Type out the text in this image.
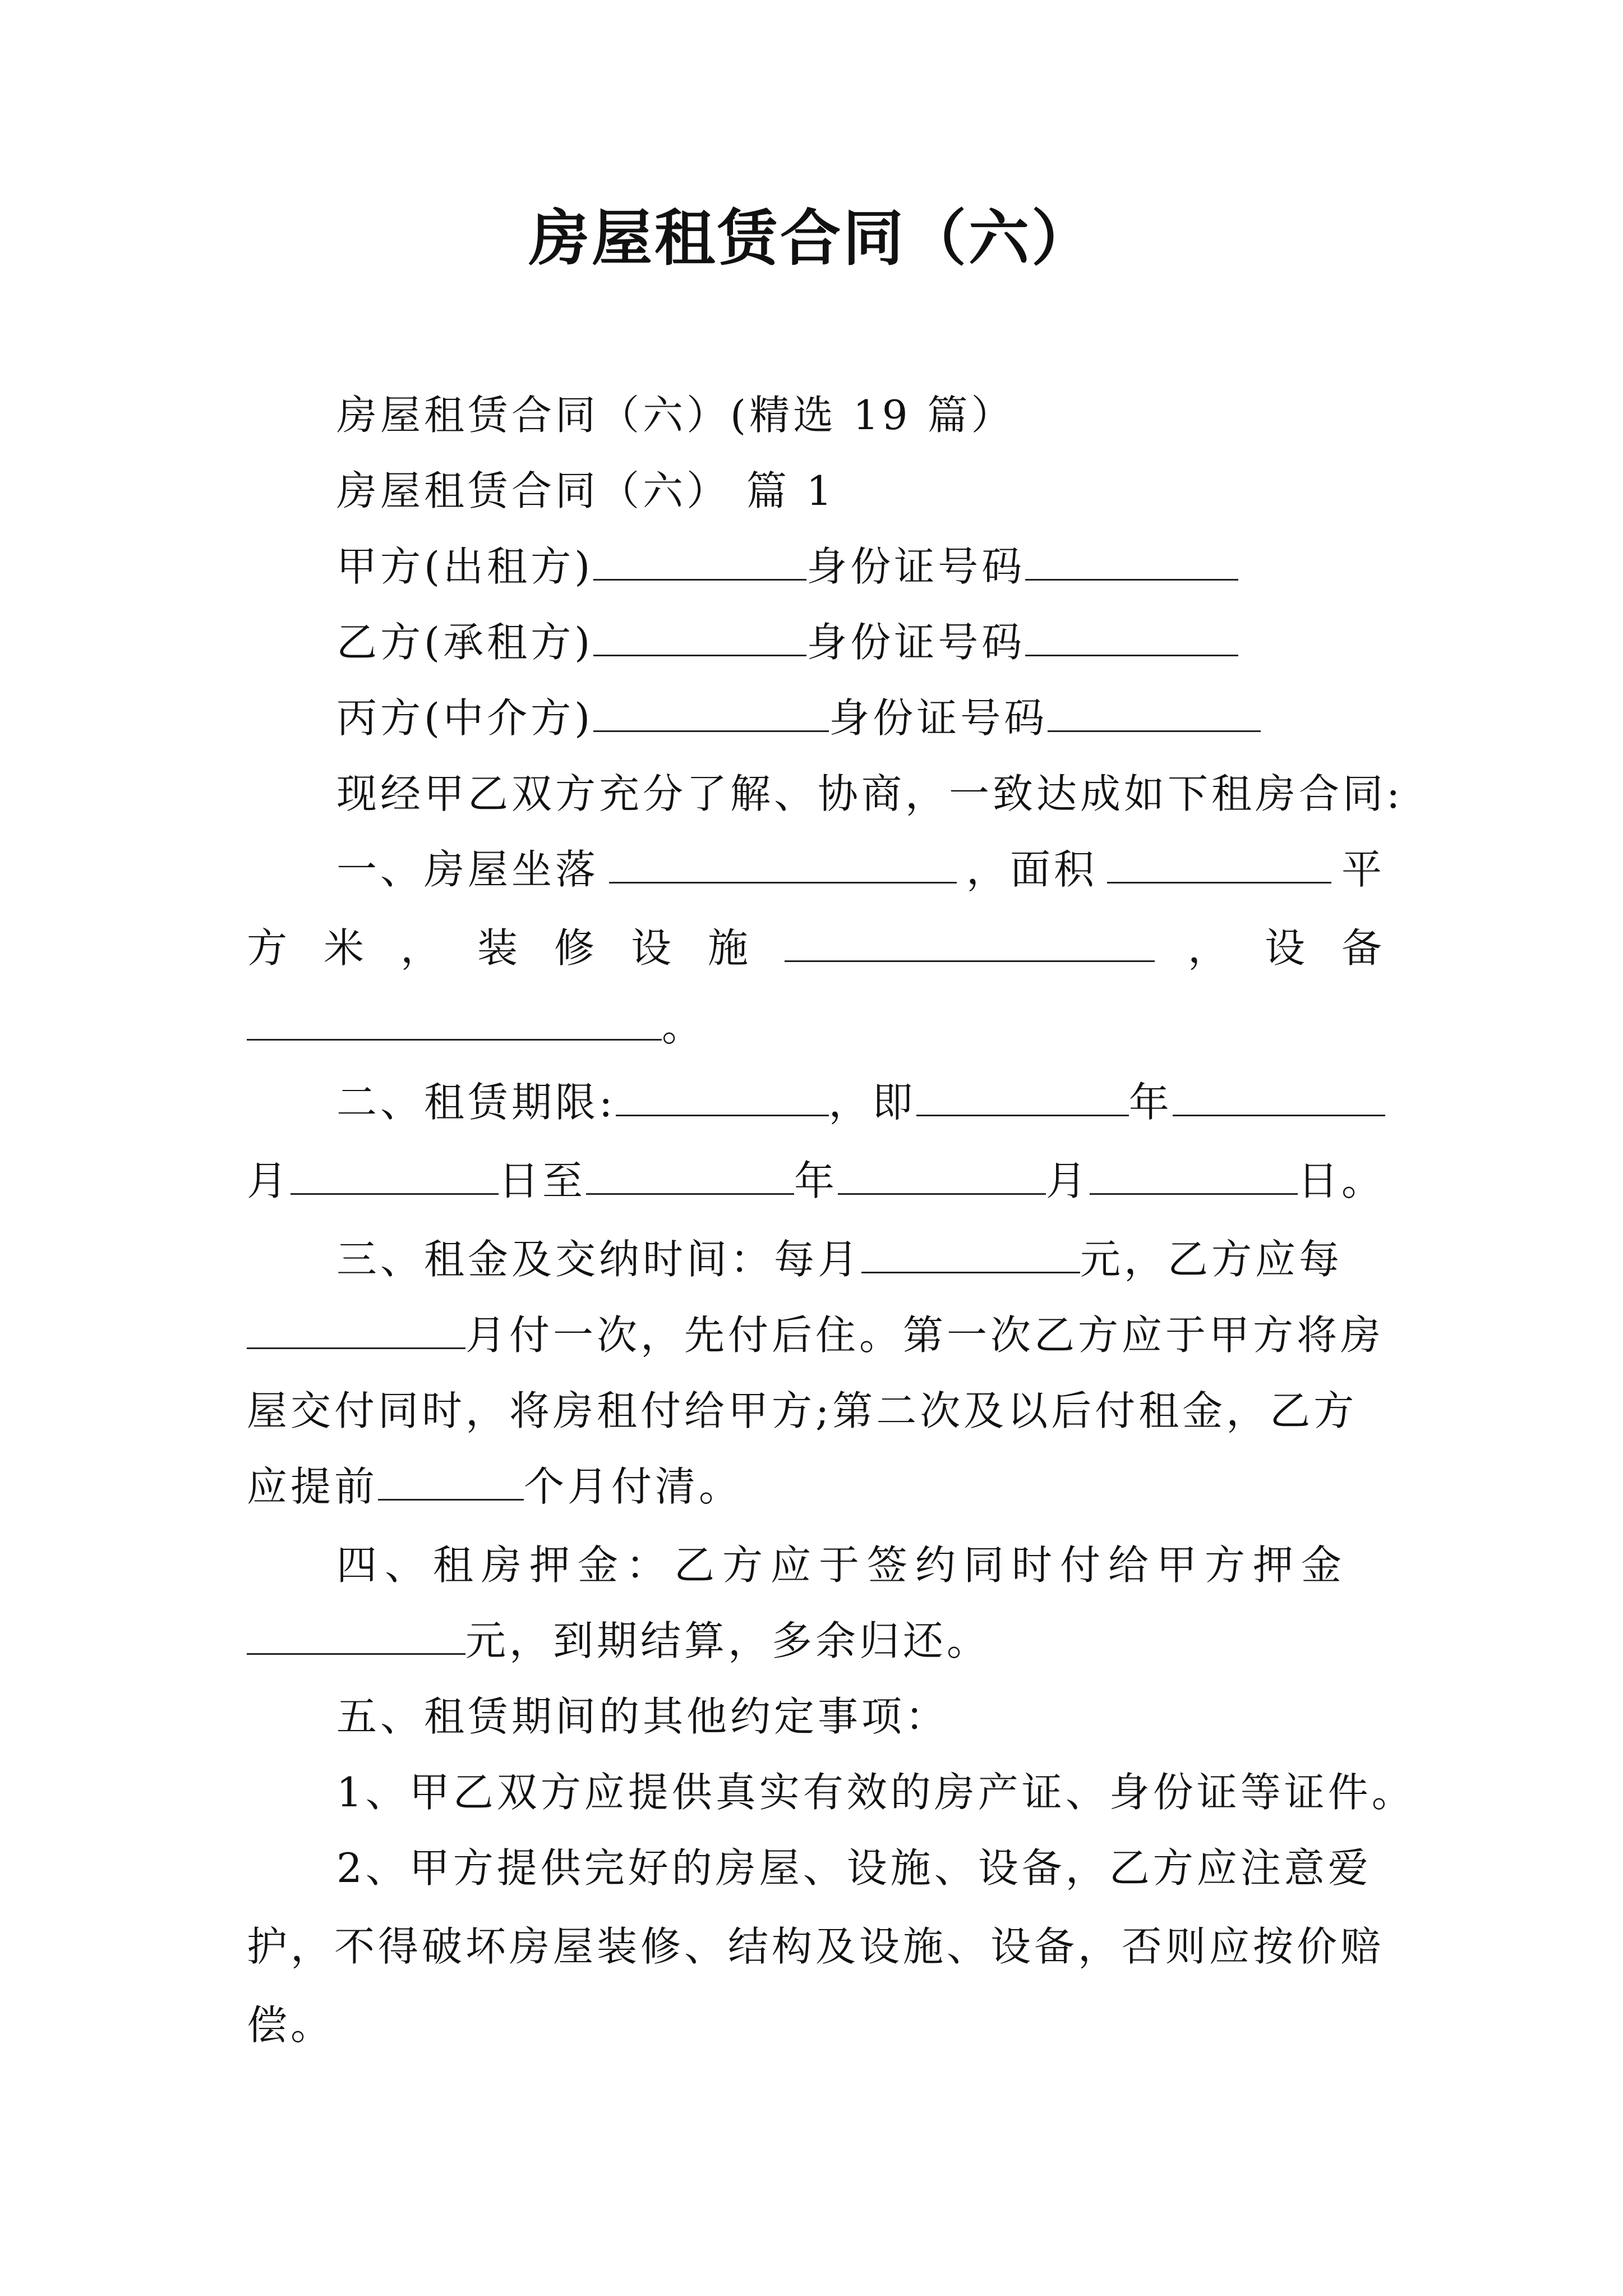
房屋租赁合同（六）
房屋租赁合同（六）(精选 19 篇）
房屋租赁合同（六） 篇 1
甲方(出租方)	身份证号码
乙方(承租方)	身份证号码
丙方(中介方)	身份证号码
现经甲乙双方充分了解、协商，一致达成如下租房合同:
一、房屋坐落	，面积	平
方 米 ， 装 修 设 施	， 设 备
。
二、租赁期限:	，即	年
月	日至	年	月	日。
三、租金及交纳时间：每月	元，乙方应每
月付一次，先付后住。第一次乙方应于甲方将房
屋交付同时，将房租付给甲方;第二次及以后付租金，乙方
应提前	个月付清。
四、租房押金：乙方应于签约同时付给甲方押金
元，到期结算，多余归还。
五、租赁期间的其他约定事项：
1、甲乙双方应提供真实有效的房产证、身份证等证件。
2、甲方提供完好的房屋、设施、设备，乙方应注意爱
护，不得破坏房屋装修、结构及设施、设备，否则应按价赔
偿。
